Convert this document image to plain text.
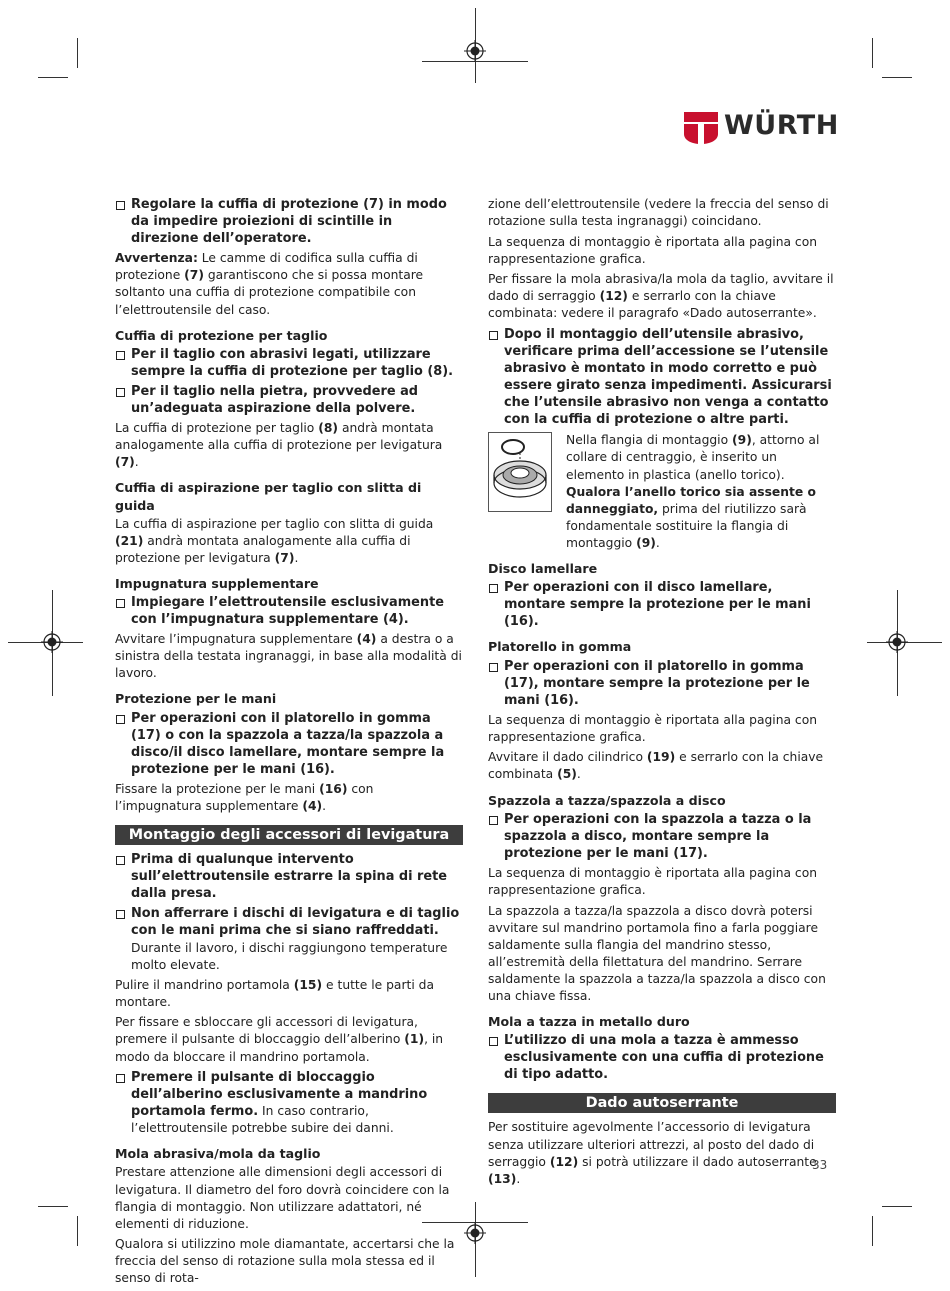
WÜRTH
Regolare la cuffia di protezione (7) in modo da impedire proiezioni di scintille in direzione dell’operatore.

Avvertenza: Le camme di codifica sulla cuffia di protezione (7) garantiscono che si possa montare soltanto una cuffia di protezione compatibile con l’elettroutensile del caso.

Cuffia di protezione per taglio
Per il taglio con abrasivi legati, utilizzare sempre la cuffia di protezione per taglio (8).
Per il taglio nella pietra, provvedere ad un’adeguata aspirazione della polvere.

La cuffia di protezione per taglio (8) andrà montata analogamente alla cuffia di protezione per levigatura (7).

Cuffia di aspirazione per taglio con slitta di guida

La cuffia di aspirazione per taglio con slitta di guida (21) andrà montata analogamente alla cuffia di protezione per levigatura (7).

Impugnatura supplementare
Impiegare l’elettroutensile esclusivamente con l’impugnatura supplementare (4).

Avvitare l’impugnatura supplementare (4) a destra o a sinistra della testata ingranaggi, in base alla modalità di lavoro.

Protezione per le mani
Per operazioni con il platorello in gomma (17) o con la spazzola a tazza/la spazzola a disco/il disco lamellare, montare sempre la protezione per le mani (16).

Fissare la protezione per le mani (16) con l’impugnatura supplementare (4).

Montaggio degli accessori di levigatura
Prima di qualunque intervento sull’elettroutensile estrarre la spina di rete dalla presa.
Non afferrare i dischi di levigatura e di taglio con le mani prima che si siano raffreddati. Durante il lavoro, i dischi raggiungono temperature molto elevate.

Pulire il mandrino portamola (15) e tutte le parti da montare.

Per fissare e sbloccare gli accessori di levigatura, premere il pulsante di bloccaggio dell’alberino (1), in modo da bloccare il mandrino portamola.

Premere il pulsante di bloccaggio dell’alberino esclusivamente a mandrino portamola fermo. In caso contrario, l’elettroutensile potrebbe subire dei danni.
Mola abrasiva/mola da taglio

Prestare attenzione alle dimensioni degli accessori di levigatura. Il diametro del foro dovrà coincidere con la flangia di montaggio. Non utilizzare adattatori, né elementi di riduzione.

Qualora si utilizzino mole diamantate, accertarsi che la freccia del senso di rotazione sulla mola stessa ed il senso di rota-

zione dell’elettroutensile (vedere la freccia del senso di rotazione sulla testa ingranaggi) coincidano.

La sequenza di montaggio è riportata alla pagina con rappresentazione grafica.

Per fissare la mola abrasiva/la mola da taglio, avvitare il dado di serraggio (12) e serrarlo con la chiave combinata: vedere il paragrafo «Dado autoserrante».

Dopo il montaggio dell’utensile abrasivo, verificare prima dell’accessione se l’utensile abrasivo è montato in modo corretto e può essere girato senza impedimenti. Assicurarsi che l’utensile abrasivo non venga a contatto con la cuffia di protezione o altre parti.
Nella flangia di montaggio (9), attorno al collare di centraggio, è inserito un elemento in plastica (anello torico). Qualora l’anello torico sia assente o danneggiato, prima del riutilizzo sarà fondamentale sostituire la flangia di montaggio (9).
Disco lamellare
Per operazioni con il disco lamellare, montare sempre la protezione per le mani (16).
Platorello in gomma
Per operazioni con il platorello in gomma (17), montare sempre la protezione per le mani (16).

La sequenza di montaggio è riportata alla pagina con rappresentazione grafica.

Avvitare il dado cilindrico (19) e serrarlo con la chiave combinata (5).

Spazzola a tazza/spazzola a disco
Per operazioni con la spazzola a tazza o la spazzola a disco, montare sempre la protezione per le mani (17).

La sequenza di montaggio è riportata alla pagina con rappresentazione grafica.

La spazzola a tazza/la spazzola a disco dovrà potersi avvitare sul mandrino portamola fino a farla poggiare saldamente sulla flangia del mandrino stesso, all’estremità della filettatura del mandrino. Serrare saldamente la spazzola a tazza/la spazzola a disco con una chiave fissa.

Mola a tazza in metallo duro
L’utilizzo di una mola a tazza è ammesso esclusivamente con una cuffia di protezione di tipo adatto.
Dado autoserrante

Per sostituire agevolmente l’accessorio di levigatura senza utilizzare ulteriori attrezzi, al posto del dado di serraggio (12) si potrà utilizzare il dado autoserrante (13).

33
